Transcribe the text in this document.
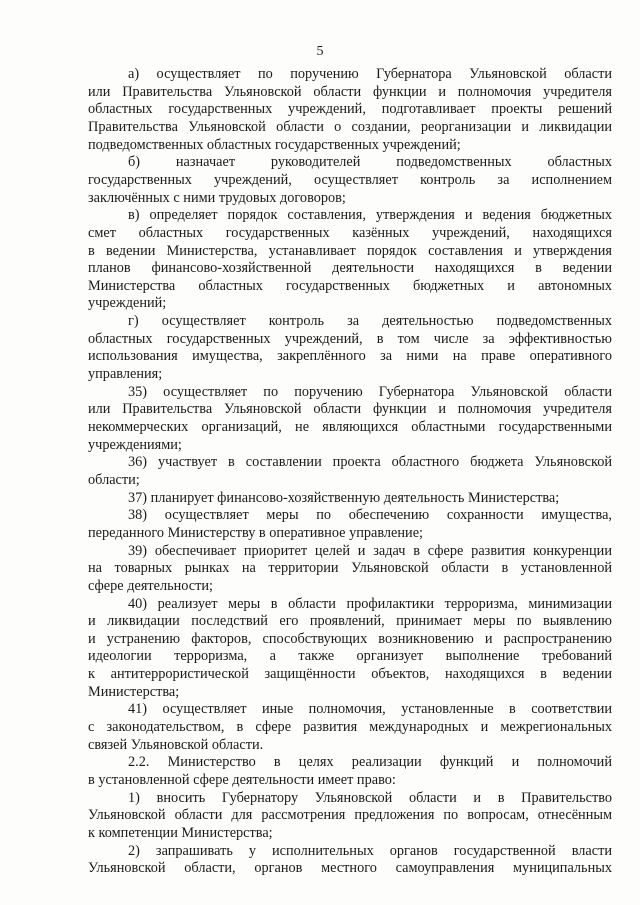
5
а) осуществляет по поручению Губернатора Ульяновской области
или Правительства Ульяновской области функции и полномочия учредителя
областных государственных учреждений, подготавливает проекты решений
Правительства Ульяновской области о создании, реорганизации и ликвидации
подведомственных областных государственных учреждений;
б) назначает руководителей подведомственных областных
государственных учреждений, осуществляет контроль за исполнением
заключённых с ними трудовых договоров;
в) определяет порядок составления, утверждения и ведения бюджетных
смет областных государственных казённых учреждений, находящихся
в ведении Министерства, устанавливает порядок составления и утверждения
планов финансово-хозяйственной деятельности находящихся в ведении
Министерства областных государственных бюджетных и автономных
учреждений;
г) осуществляет контроль за деятельностью подведомственных
областных государственных учреждений, в том числе за эффективностью
использования имущества, закреплённого за ними на праве оперативного
управления;
35) осуществляет по поручению Губернатора Ульяновской области
или Правительства Ульяновской области функции и полномочия учредителя
некоммерческих организаций, не являющихся областными государственными
учреждениями;
36) участвует в составлении проекта областного бюджета Ульяновской
области;
37) планирует финансово-хозяйственную деятельность Министерства;
38) осуществляет меры по обеспечению сохранности имущества,
переданного Министерству в оперативное управление;
39) обеспечивает приоритет целей и задач в сфере развития конкуренции
на товарных рынках на территории Ульяновской области в установленной
сфере деятельности;
40) реализует меры в области профилактики терроризма, минимизации
и ликвидации последствий его проявлений, принимает меры по выявлению
и устранению факторов, способствующих возникновению и распространению
идеологии терроризма, а также организует выполнение требований
к антитеррористической защищённости объектов, находящихся в ведении
Министерства;
41) осуществляет иные полномочия, установленные в соответствии
с законодательством, в сфере развития международных и межрегиональных
связей Ульяновской области.
2.2. Министерство в целях реализации функций и полномочий
в установленной сфере деятельности имеет право:
1) вносить Губернатору Ульяновской области и в Правительство
Ульяновской области для рассмотрения предложения по вопросам, отнесённым
к компетенции Министерства;
2) запрашивать у исполнительных органов государственной власти
Ульяновской области, органов местного самоуправления муниципальных
